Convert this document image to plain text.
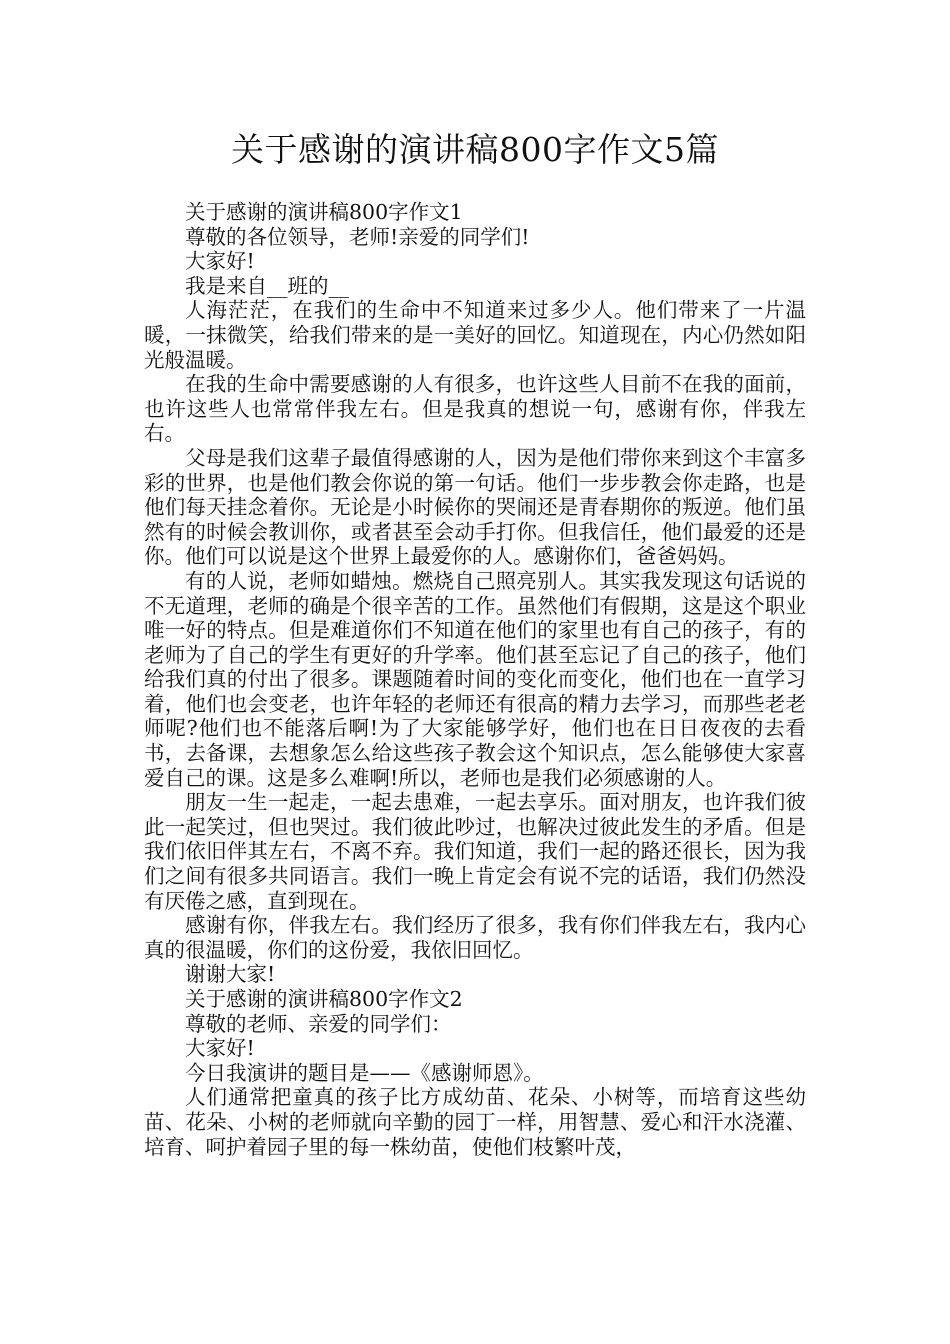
关于感谢的演讲稿800字作文5篇

关于感谢的演讲稿800字作文1

尊敬的各位领导，老师!亲爱的同学们!

大家好!

我是来自__班的__

人海茫茫，在我们的生命中不知道来过多少人。他们带来了一片温暖，一抹微笑，给我们带来的是一美好的回忆。知道现在，内心仍然如阳光般温暖。

在我的生命中需要感谢的人有很多，也许这些人目前不在我的面前，也许这些人也常常伴我左右。但是我真的想说一句，感谢有你，伴我左右。

父母是我们这辈子最值得感谢的人，因为是他们带你来到这个丰富多彩的世界，也是他们教会你说的第一句话。他们一步步教会你走路，也是他们每天挂念着你。无论是小时候你的哭闹还是青春期你的叛逆。他们虽然有的时候会教训你，或者甚至会动手打你。但我信任，他们最爱的还是你。他们可以说是这个世界上最爱你的人。感谢你们，爸爸妈妈。

有的人说，老师如蜡烛。燃烧自己照亮别人。其实我发现这句话说的不无道理，老师的确是个很辛苦的工作。虽然他们有假期，这是这个职业唯一好的特点。但是难道你们不知道在他们的家里也有自己的孩子，有的老师为了自己的学生有更好的升学率。他们甚至忘记了自己的孩子，他们给我们真的付出了很多。课题随着时间的变化而变化，他们也在一直学习着，他们也会变老，也许年轻的老师还有很高的精力去学习，而那些老老师呢?他们也不能落后啊!为了大家能够学好，他们也在日日夜夜的去看书，去备课，去想象怎么给这些孩子教会这个知识点，怎么能够使大家喜爱自己的课。这是多么难啊!所以，老师也是我们必须感谢的人。

朋友一生一起走，一起去患难，一起去享乐。面对朋友，也许我们彼此一起笑过，但也哭过。我们彼此吵过，也解决过彼此发生的矛盾。但是我们依旧伴其左右，不离不弃。我们知道，我们一起的路还很长，因为我们之间有很多共同语言。我们一晚上肯定会有说不完的话语，我们仍然没有厌倦之感，直到现在。

感谢有你，伴我左右。我们经历了很多，我有你们伴我左右，我内心真的很温暖，你们的这份爱，我依旧回忆。

谢谢大家!

关于感谢的演讲稿800字作文2

尊敬的老师、亲爱的同学们：

大家好!

今日我演讲的题目是——《感谢师恩》。

人们通常把童真的孩子比方成幼苗、花朵、小树等，而培育这些幼苗、花朵、小树的老师就向辛勤的园丁一样，用智慧、爱心和汗水浇灌、培育、呵护着园子里的每一株幼苗，使他们枝繁叶茂，
